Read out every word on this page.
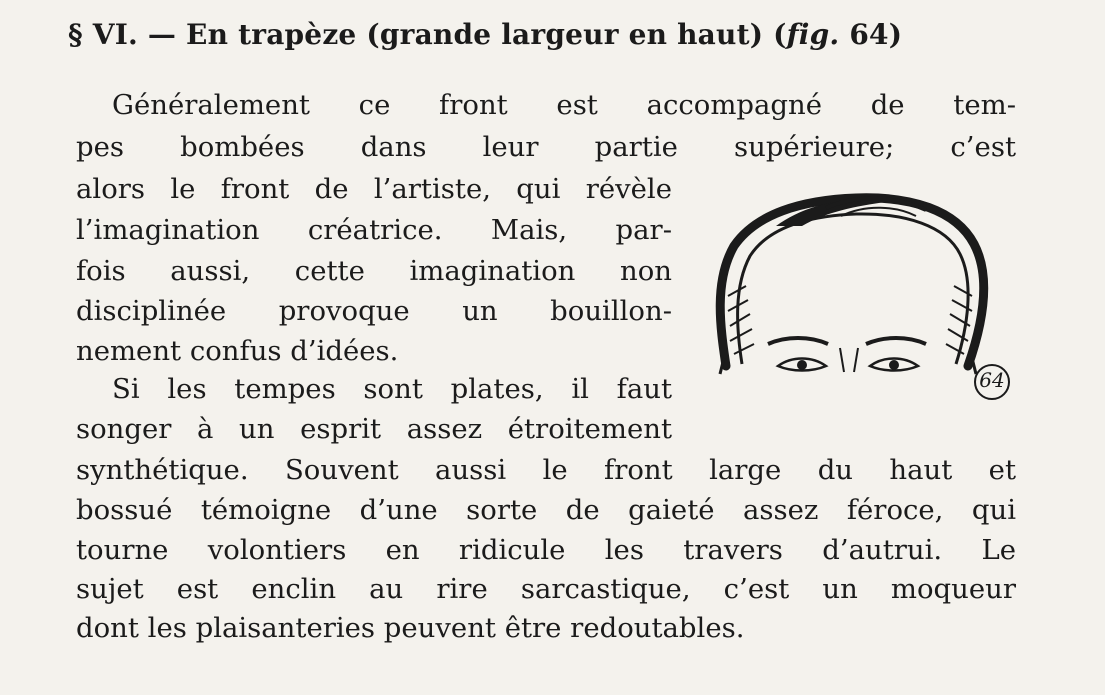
§ VI. — En trapèze (grande largeur en haut) (fig. 64)
Généralement ce front est accompagné de tem-
pes bombées dans leur partie supérieure; c’est
alors le front de l’artiste, qui révèle
l’imagination créatrice. Mais, par-
fois aussi, cette imagination non
disciplinée provoque un bouillon-
nement confus d’idées.
Si les tempes sont plates, il faut
songer à un esprit assez étroitement
synthétique. Souvent aussi le front large du haut et
bossué témoigne d’une sorte de gaieté assez féroce, qui
tourne volontiers en ridicule les travers d’autrui. Le
sujet est enclin au rire sarcastique, c’est un moqueur
dont les plaisanteries peuvent être redoutables.
64
